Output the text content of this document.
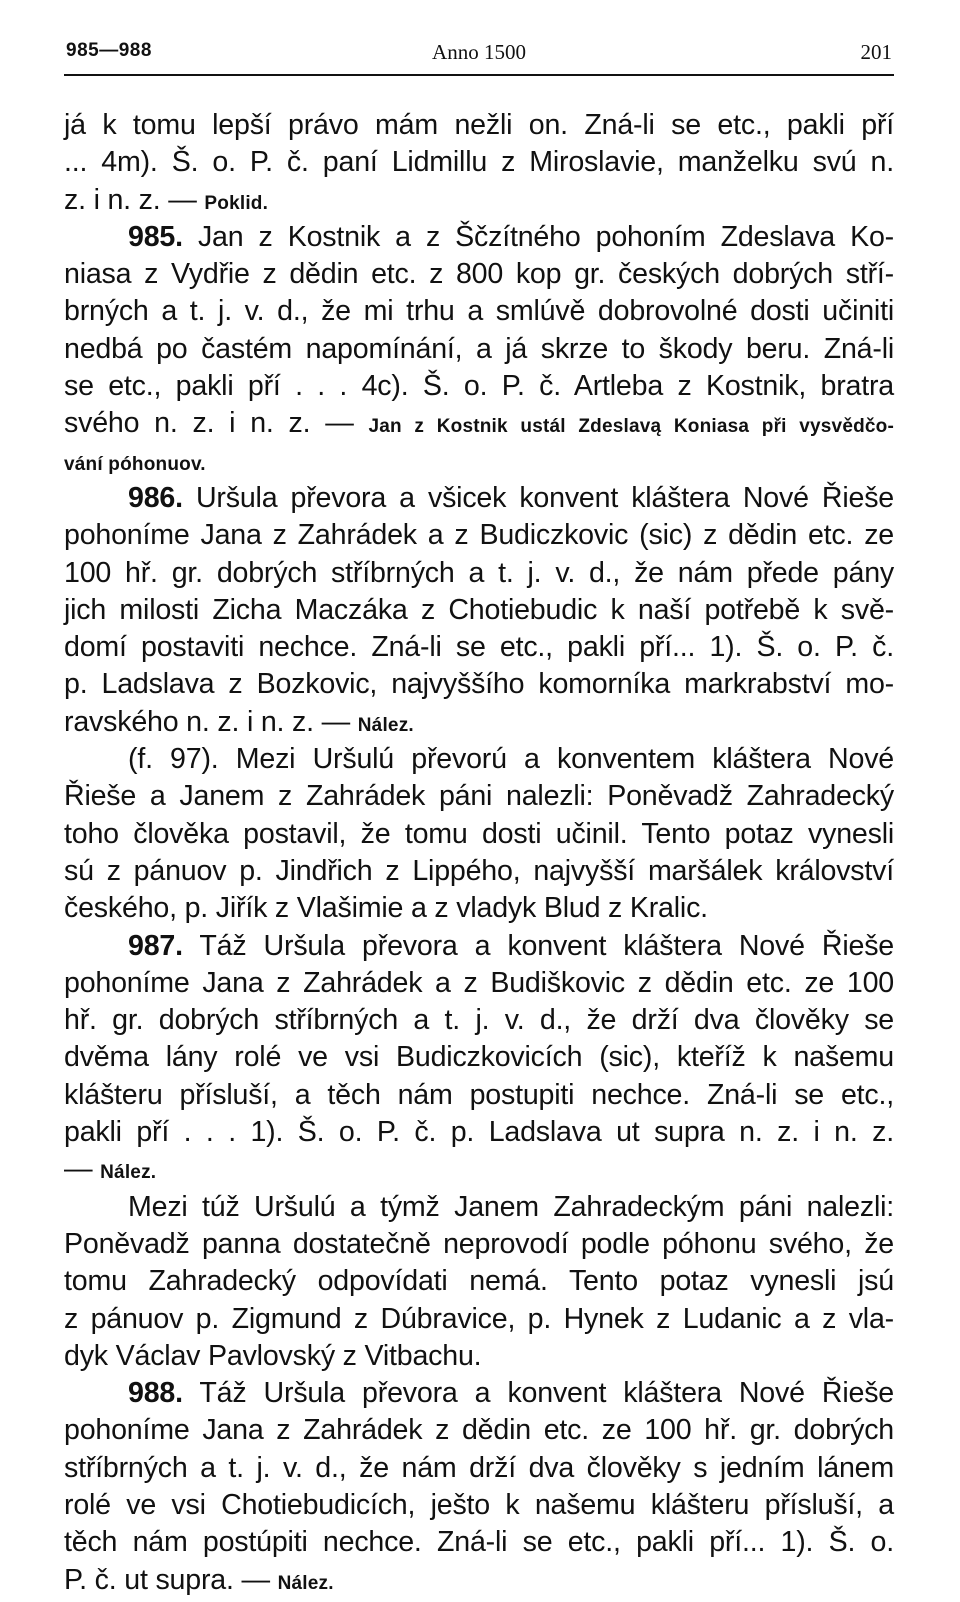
985—988	Anno 1500	201
já k tomu lepší právo mám nežli on. Zná-li se etc., pakli pří
... 4m). Š. o. P. č. paní Lidmillu z Miroslavie, manželku svú n.
z. i n. z. — Poklid.
985. Jan z Kostnik a z Ščzítného pohoním Zdeslava Ko-
niasa z Vydřie z dědin etc. z 800 kop gr. českých dobrých stří-
brných a t. j. v. d., že mi trhu a smlúvě dobrovolné dosti učiniti
nedbá po častém napomínání, a já skrze to škody beru. Zná-li
se etc., pakli pří . . . 4c). Š. o. P. č. Artleba z Kostnik, bratra
svého n. z. i n. z. — Jan z Kostnik ustál Zdeslavą Koniasa při vysvědčo-
vání póhonuov.
986. Uršula převora a všicek konvent kláštera Nové Řieše
pohoníme Jana z Zahrádek a z Budiczkovic (sic) z dědin etc. ze
100 hř. gr. dobrých stříbrných a t. j. v. d., že nám přede pány
jich milosti Zicha Maczáka z Chotiebudic k naší potřebě k svě-
domí postaviti nechce. Zná-li se etc., pakli pří... 1). Š. o. P. č.
p. Ladslava z Bozkovic, najvyššího komorníka markrabství mo-
ravského n. z. i n. z. — Nález.
(f. 97). Mezi Uršulú převorú a konventem kláštera Nové
Řieše a Janem z Zahrádek páni nalezli: Poněvadž Zahradecký
toho člověka postavil, že tomu dosti učinil. Tento potaz vynesli
sú z pánuov p. Jindřich z Lippého, najvyšší maršálek království
českého, p. Jiřík z Vlašimie a z vladyk Blud z Kralic.
987. Táž Uršula převora a konvent kláštera Nové Řieše
pohoníme Jana z Zahrádek a z Budiškovic z dědin etc. ze 100
hř. gr. dobrých stříbrných a t. j. v. d., že drží dva člověky se
dvěma lány rolé ve vsi Budiczkovicích (sic), kteříž k našemu
klášteru přísluší, a těch nám postupiti nechce. Zná-li se etc.,
pakli pří . . . 1). Š. o. P. č. p. Ladslava ut supra n. z. i n. z.
— Nález.
Mezi túž Uršulú a týmž Janem Zahradeckým páni nalezli:
Poněvadž panna dostatečně neprovodí podle póhonu svého, že
tomu Zahradecký odpovídati nemá. Tento potaz vynesli jsú
z pánuov p. Zigmund z Dúbravice, p. Hynek z Ludanic a z vla-
dyk Václav Pavlovský z Vitbachu.
988. Táž Uršula převora a konvent kláštera Nové Řieše
pohoníme Jana z Zahrádek z dědin etc. ze 100 hř. gr. dobrých
stříbrných a t. j. v. d., že nám drží dva člověky s jedním lánem
rolé ve vsi Chotiebudicích, ješto k našemu klášteru přísluší, a
těch nám postúpiti nechce. Zná-li se etc., pakli pří... 1). Š. o.
P. č. ut supra. — Nález.
